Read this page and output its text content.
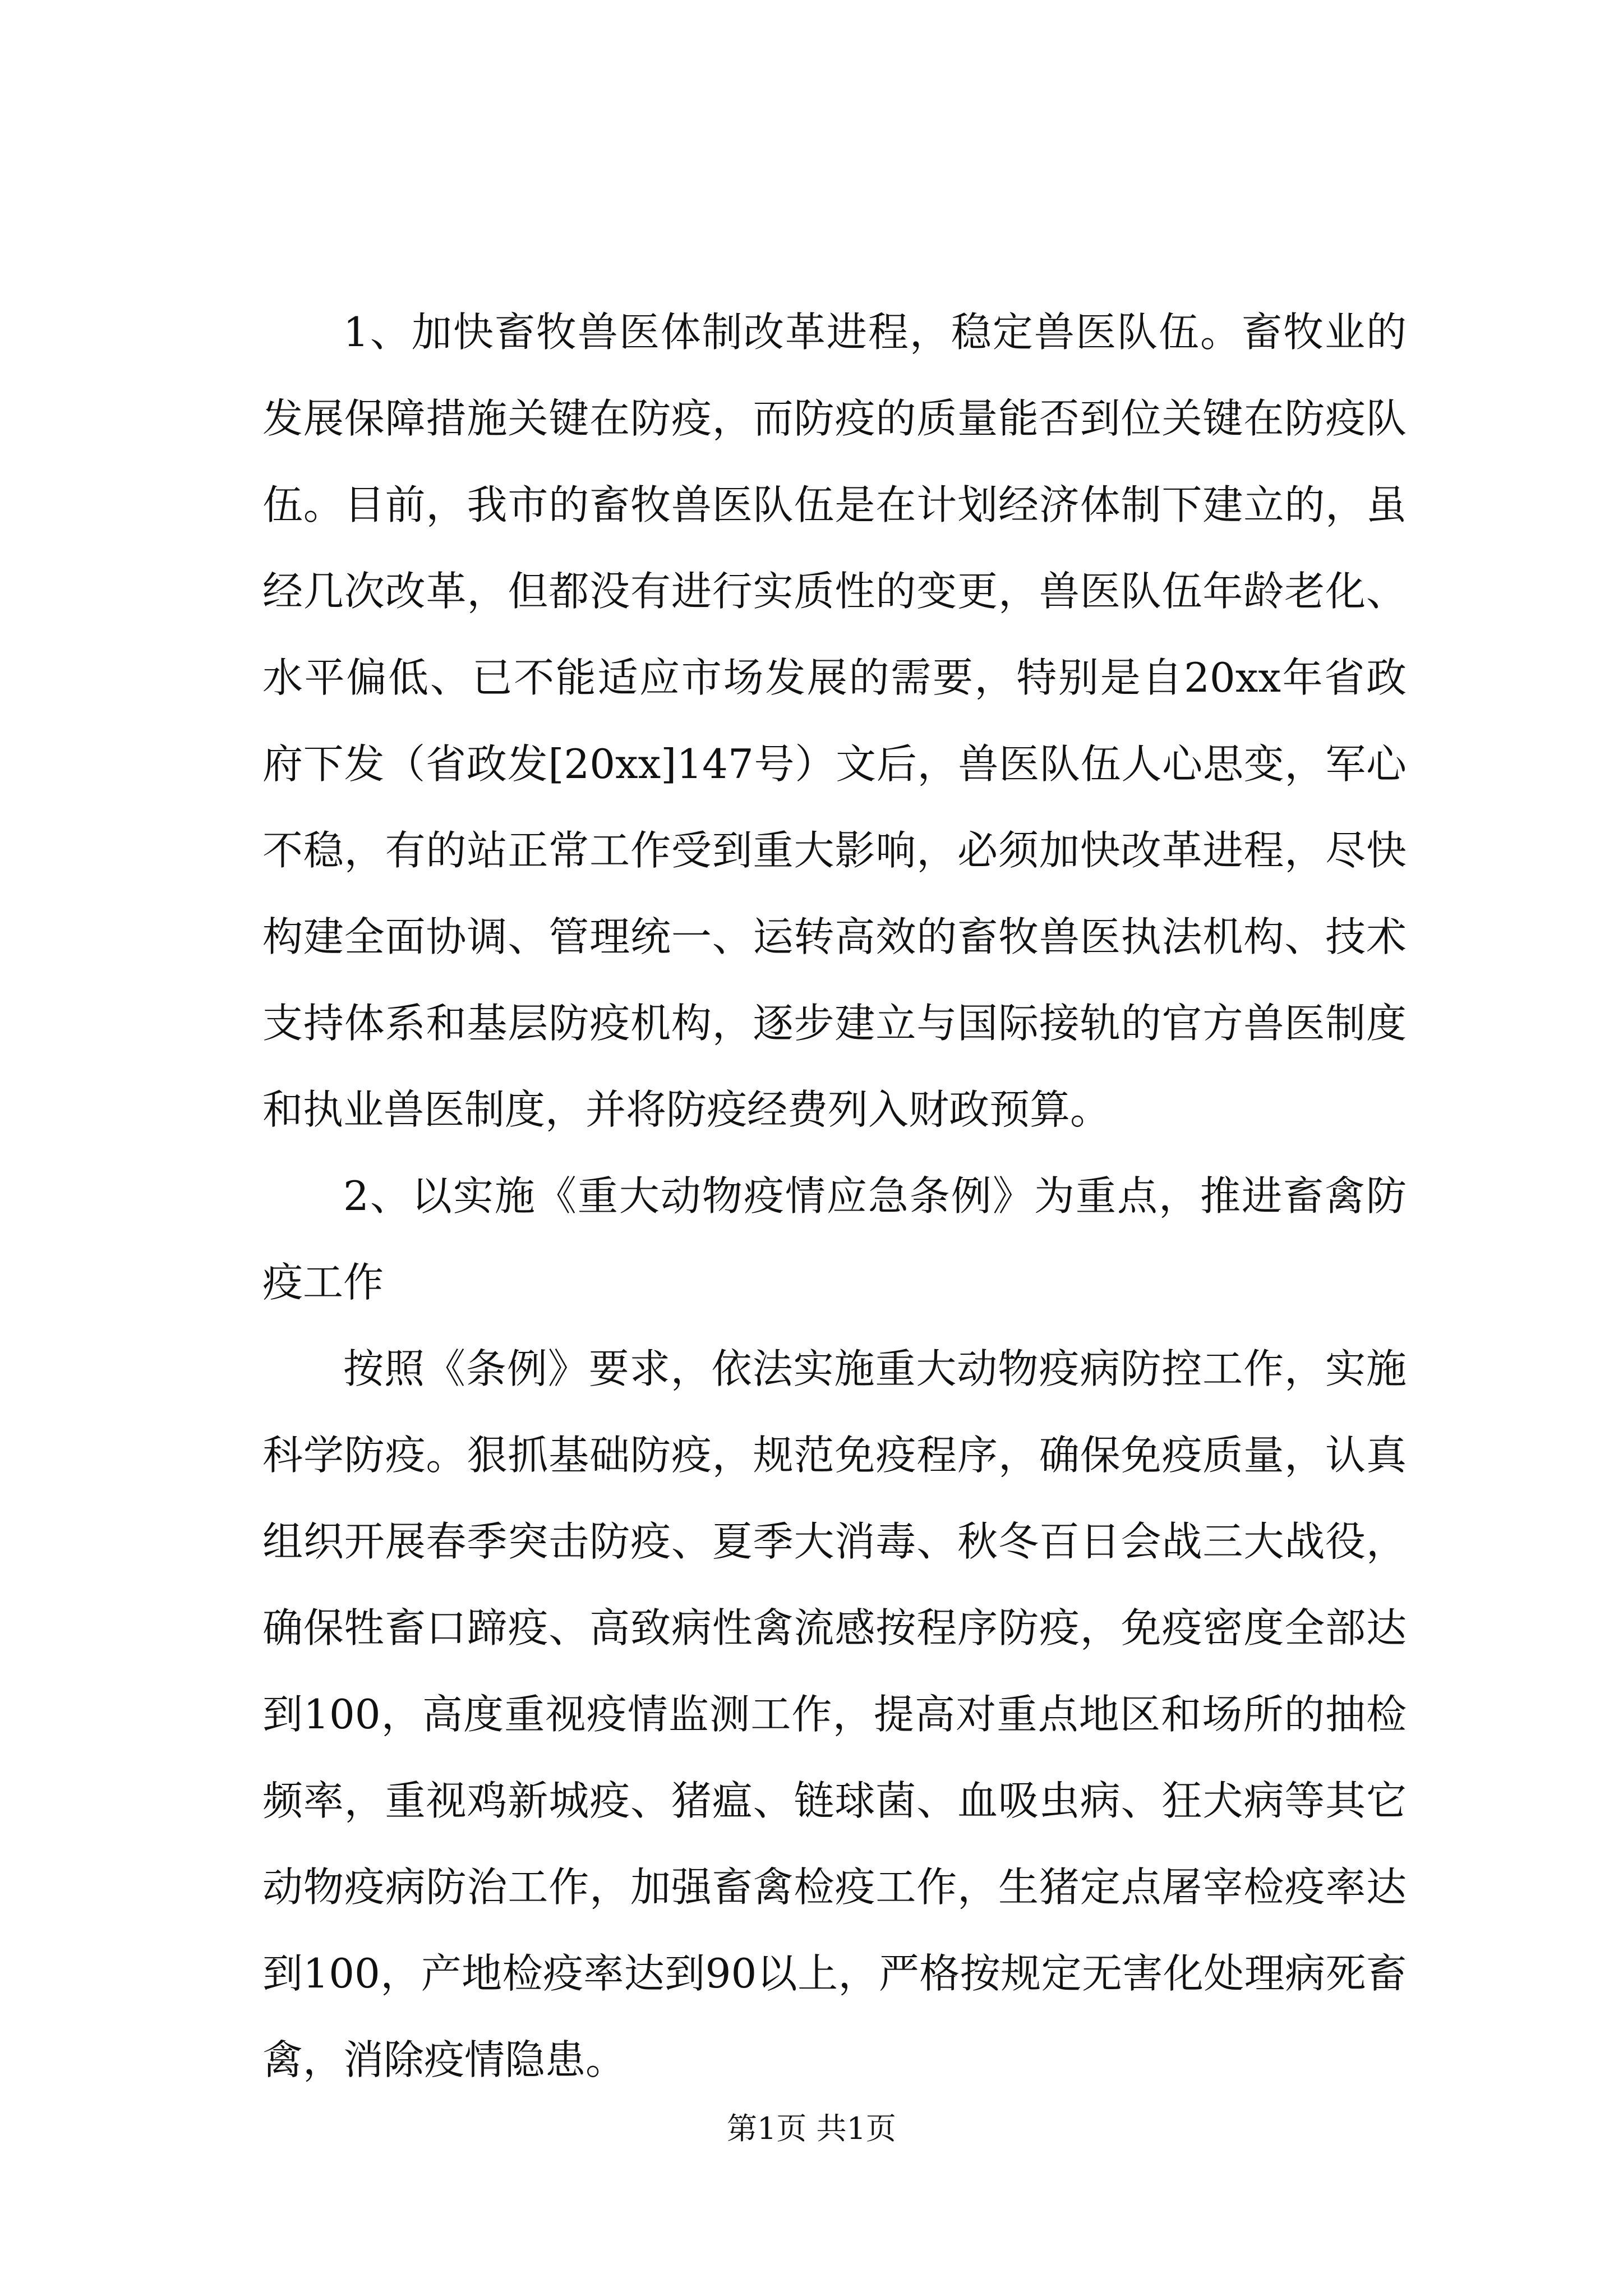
1、加快畜牧兽医体制改革进程，稳定兽医队伍。畜牧业的发展保障措施关键在防疫，而防疫的质量能否到位关键在防疫队伍。目前，我市的畜牧兽医队伍是在计划经济体制下建立的，虽经几次改革，但都没有进行实质性的变更，兽医队伍年龄老化、水平偏低、已不能适应市场发展的需要，特别是自20xx年省政府下发（省政发[20xx]147号）文后，兽医队伍人心思变，军心不稳，有的站正常工作受到重大影响，必须加快改革进程，尽快构建全面协调、管理统一、运转高效的畜牧兽医执法机构、技术支持体系和基层防疫机构，逐步建立与国际接轨的官方兽医制度和执业兽医制度，并将防疫经费列入财政预算。

2、以实施《重大动物疫情应急条例》为重点，推进畜禽防疫工作

按照《条例》要求，依法实施重大动物疫病防控工作，实施科学防疫。狠抓基础防疫，规范免疫程序，确保免疫质量，认真组织开展春季突击防疫、夏季大消毒、秋冬百日会战三大战役，确保牲畜口蹄疫、高致病性禽流感按程序防疫，免疫密度全部达到100，高度重视疫情监测工作，提高对重点地区和场所的抽检频率，重视鸡新城疫、猪瘟、链球菌、血吸虫病、狂犬病等其它动物疫病防治工作，加强畜禽检疫工作，生猪定点屠宰检疫率达到100，产地检疫率达到90以上，严格按规定无害化处理病死畜禽，消除疫情隐患。

第1页 共1页
